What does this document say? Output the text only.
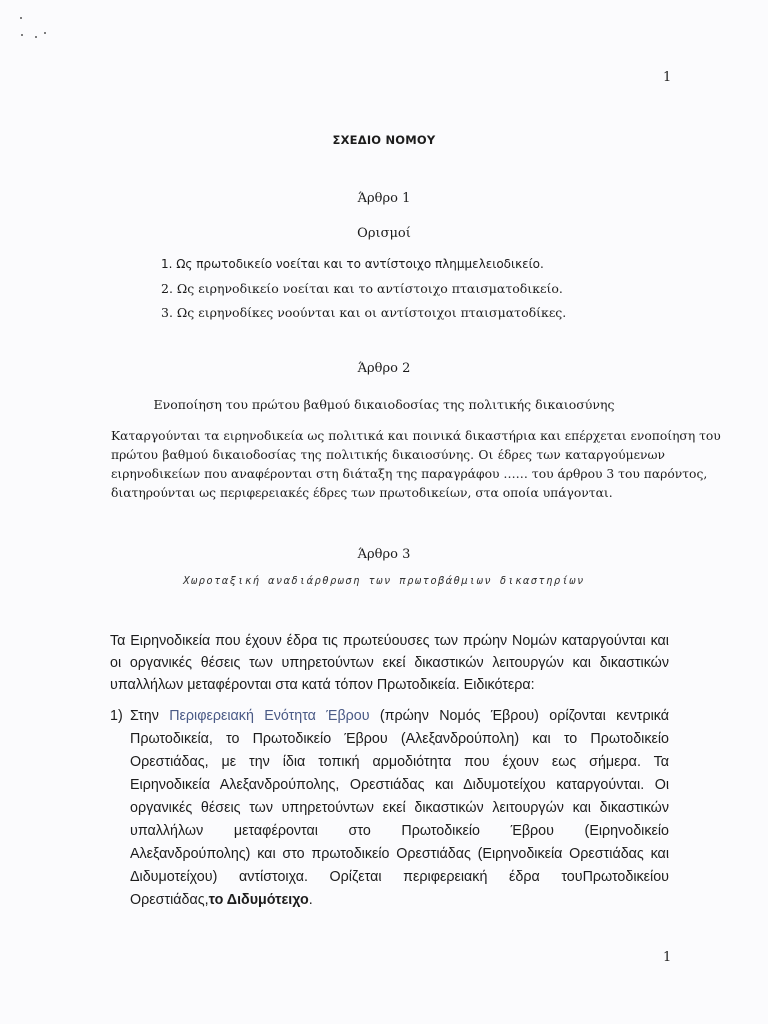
1
ΣΧΕΔΙΟ ΝΟΜΟΥ
Άρθρο 1
Ορισμοί
1. Ως πρωτοδικείο νοείται και το αντίστοιχο πλημμελειοδικείο.
2. Ως ειρηνοδικείο νοείται και το αντίστοιχο πταισματοδικείο.
3. Ως ειρηνοδίκες νοούνται και οι αντίστοιχοι πταισματοδίκες.
Άρθρο 2
Ενοποίηση του πρώτου βαθμού δικαιοδοσίας της πολιτικής δικαιοσύνης
Καταργούνται τα ειρηνοδικεία ως πολιτικά και ποινικά δικαστήρια και επέρχεται ενοποίηση του
πρώτου βαθμού δικαιοδοσίας της πολιτικής δικαιοσύνης. Οι έδρες των καταργούμενων
ειρηνοδικείων που αναφέρονται στη διάταξη της παραγράφου …… του άρθρου 3 του παρόντος,
διατηρούνται ως περιφερειακές έδρες των πρωτοδικείων, στα οποία υπάγονται.
Άρθρο 3
Χωροταξική αναδιάρθρωση των πρωτοβάθμιων δικαστηρίων
Τα Ειρηνοδικεία που έχουν έδρα τις πρωτεύουσες των πρώην Νομών καταργούνται και
οι οργανικές θέσεις των υπηρετούντων εκεί δικαστικών λειτουργών και δικαστικών
υπαλλήλων μεταφέρονται στα κατά τόπον Πρωτοδικεία. Ειδικότερα:
1) Στην Περιφερειακή Ενότητα Έβρου (πρώην Νομός Έβρου) ορίζονται κεντρικά
Πρωτοδικεία, το Πρωτοδικείο Έβρου (Αλεξανδρούπολη) και το Πρωτοδικείο
Ορεστιάδας, με την ίδια τοπική αρμοδιότητα που έχουν εως σήμερα. Τα
Ειρηνοδικεία Αλεξανδρούπολης, Ορεστιάδας και Διδυμοτείχου καταργούνται. Οι
οργανικές θέσεις των υπηρετούντων εκεί δικαστικών λειτουργών και δικαστικών
υπαλλήλων μεταφέρονται στο Πρωτοδικείο Έβρου (Ειρηνοδικείο
Αλεξανδρούπολης) και στο πρωτοδικείο Ορεστιάδας (Ειρηνοδικεία Ορεστιάδας και
Διδυμοτείχου) αντίστοιχα. Ορίζεται περιφερειακή έδρα τουΠρωτοδικείου
Ορεστιάδας,το Διδυμότειχο.
1
